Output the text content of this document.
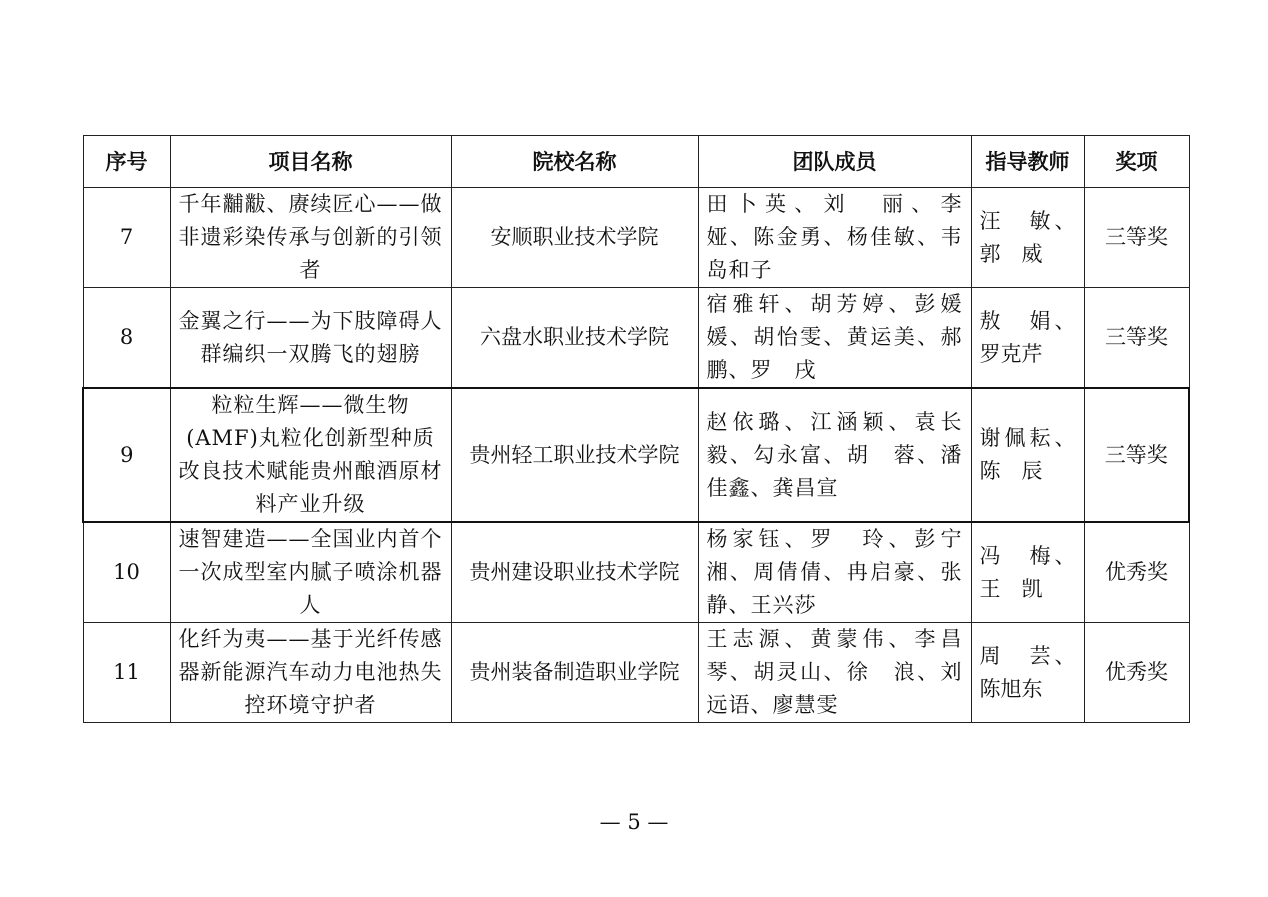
序号	项目名称	院校名称	团队成员	指导教师	奖项
7	千年黼黻、赓续匠心——做非遗彩染传承与创新的引领者	安顺职业技术学院	田卜英、刘　丽、李　娅、陈金勇、杨佳敏、韦岛和子	汪　敏、郭　威	三等奖
8	金翼之行——为下肢障碍人群编织一双腾飞的翅膀	六盘水职业技术学院	宿雅轩、胡芳婷、彭媛媛、胡怡雯、黄运美、郝　鹏、罗　戌	敖　娟、罗克芹	三等奖
9	粒粒生辉——微生物(AMF)丸粒化创新型种质改良技术赋能贵州酿酒原材料产业升级	贵州轻工职业技术学院	赵依璐、江涵颖、袁长毅、勾永富、胡　蓉、潘佳鑫、龚昌宣	谢佩耘、陈　辰	三等奖
10	速智建造——全国业内首个一次成型室内腻子喷涂机器人	贵州建设职业技术学院	杨家钰、罗　玲、彭宁湘、周倩倩、冉启豪、张　静、王兴莎	冯　梅、王　凯	优秀奖
11	化纤为夷——基于光纤传感器新能源汽车动力电池热失控环境守护者	贵州装备制造职业学院	王志源、黄蒙伟、李昌琴、胡灵山、徐　浪、刘远语、廖慧雯	周　芸、陈旭东	优秀奖
— 5 —
